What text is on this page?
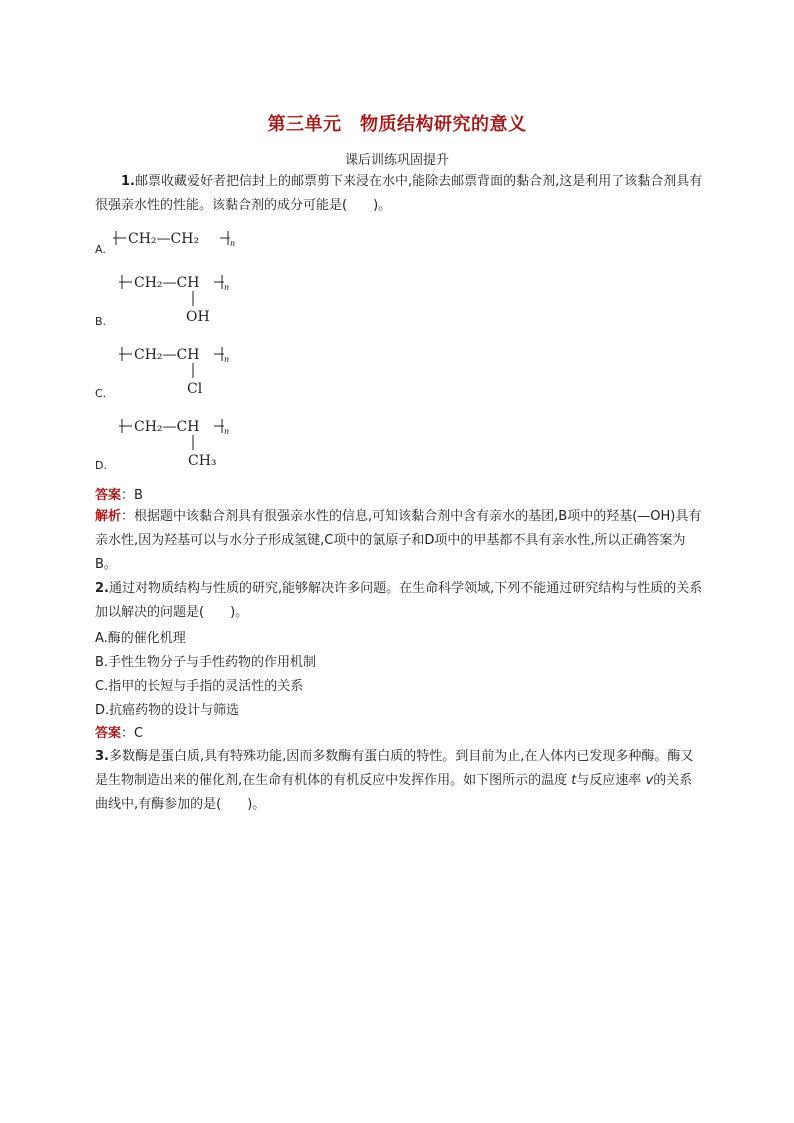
第三单元　物质结构研究的意义
课后训练巩固提升
1.邮票收藏爱好者把信封上的邮票剪下来浸在水中,能除去邮票背面的黏合剂,这是利用了该黏合剂具有很强亲水性的性能。该黏合剂的成分可能是(　　)。
A.
CH₂—CH₂	n
B.
CH₂—CH	n
OH
C.
CH₂—CH	n
Cl
D.
CH₂—CH	n
CH₃
答案：B
解析：根据题中该黏合剂具有很强亲水性的信息,可知该黏合剂中含有亲水的基团,B项中的羟基(—OH)具有亲水性,因为羟基可以与水分子形成氢键,C项中的氯原子和D项中的甲基都不具有亲水性,所以正确答案为B。
2.通过对物质结构与性质的研究,能够解决许多问题。在生命科学领域,下列不能通过研究结构与性质的关系加以解决的问题是(　　)。
A.酶的催化机理
B.手性生物分子与手性药物的作用机制
C.指甲的长短与手指的灵活性的关系
D.抗癌药物的设计与筛选
答案：C
3.多数酶是蛋白质,具有特殊功能,因而多数酶有蛋白质的特性。到目前为止,在人体内已发现多种酶。酶又是生物制造出来的催化剂,在生命有机体的有机反应中发挥作用。如下图所示的温度 t与反应速率 v的关系曲线中,有酶参加的是(　　)。
